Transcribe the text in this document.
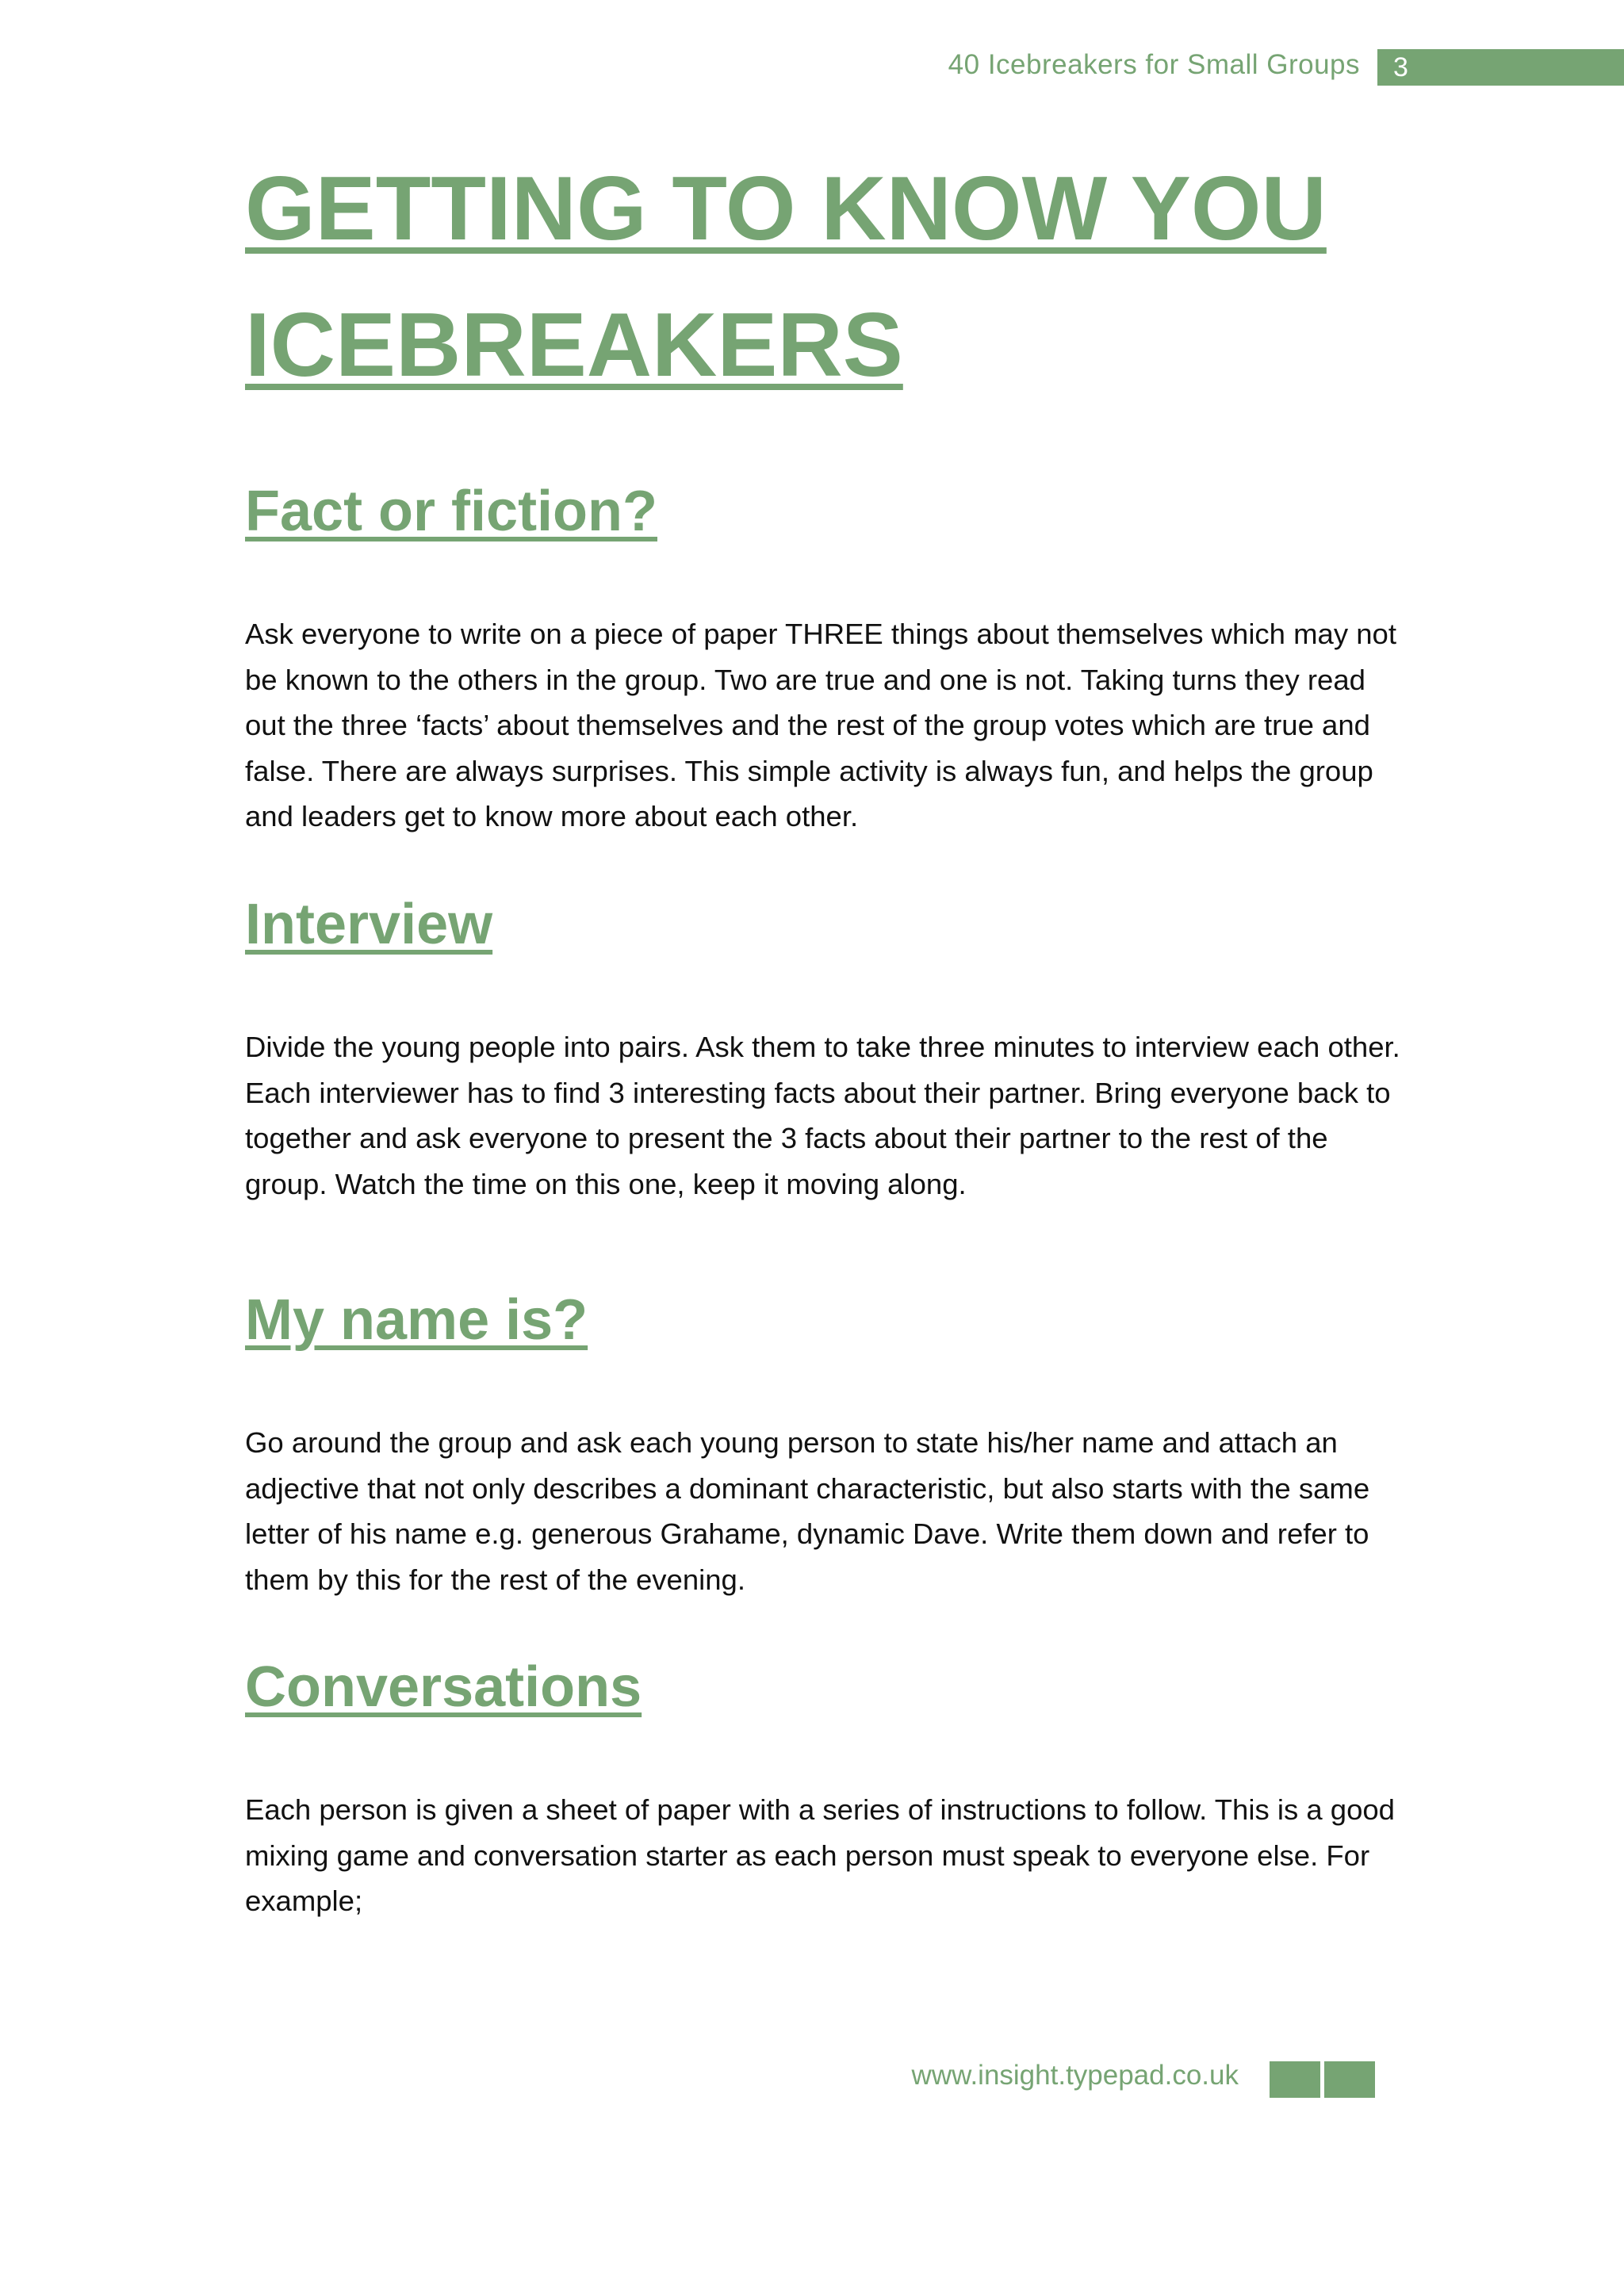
40 Icebreakers for Small Groups 3
GETTING TO KNOW YOU ICEBREAKERS
Fact or fiction?

Ask everyone to write on a piece of paper THREE things about themselves which may not be known to the others in the group. Two are true and one is not. Taking turns they read out the three ‘facts’ about themselves and the rest of the group votes which are true and false. There are always surprises. This simple activity is always fun, and helps the group and leaders get to know more about each other.

Interview

Divide the young people into pairs. Ask them to take three minutes to interview each other. Each interviewer has to find 3 interesting facts about their partner. Bring everyone back to together and ask everyone to present the 3 facts about their partner to the rest of the group. Watch the time on this one, keep it moving along.

My name is?

Go around the group and ask each young person to state his/her name and attach an adjective that not only describes a dominant characteristic, but also starts with the same letter of his name e.g. generous Grahame, dynamic Dave. Write them down and refer to them by this for the rest of the evening.

Conversations

Each person is given a sheet of paper with a series of instructions to follow. This is a good mixing game and conversation starter as each person must speak to everyone else. For example;

www.insight.typepad.co.uk
